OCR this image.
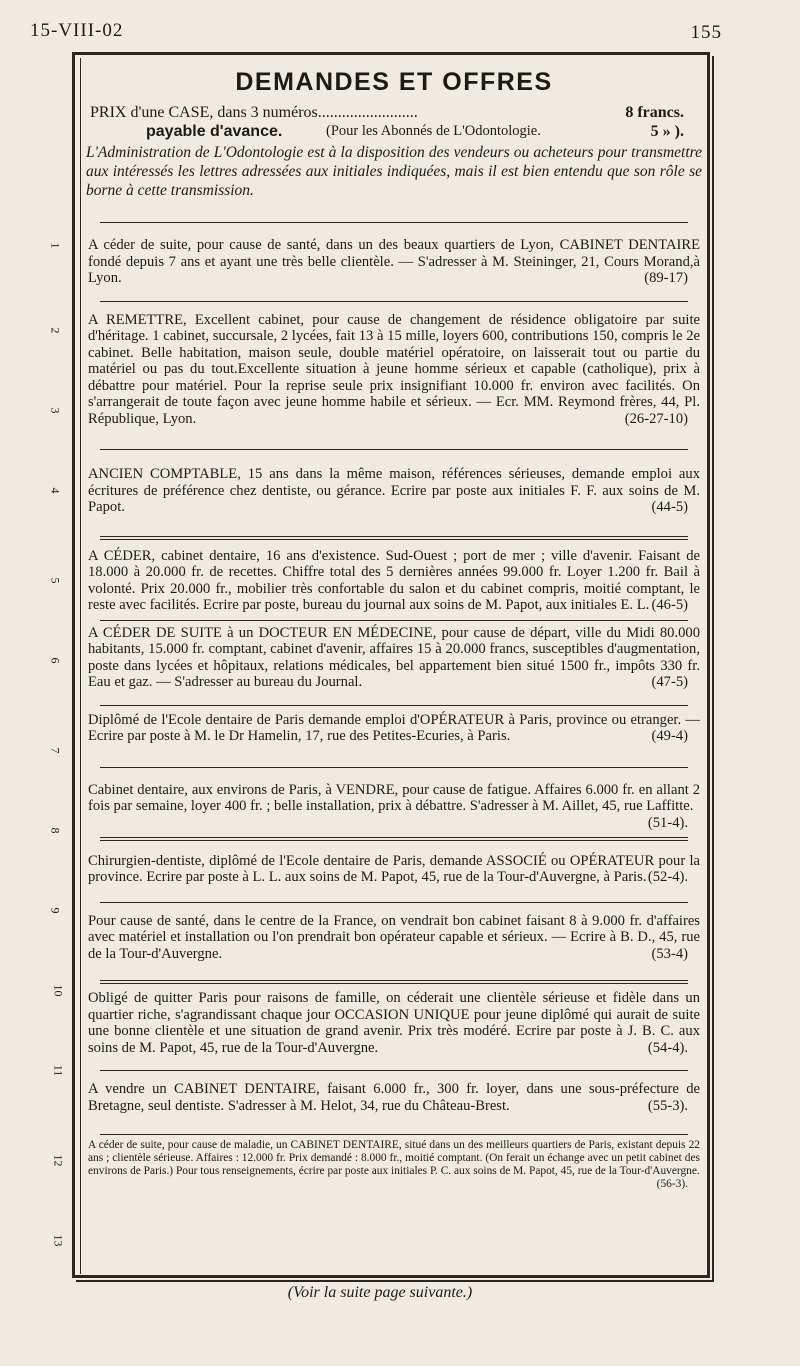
15-VIII-02	155
1
2
3
4
5
6
7
8
9
10
11
12
13
DEMANDES ET OFFRES
PRIX d'une CASE, dans 3 numéros.........................	8 francs.
payable d'avance.	(Pour les Abonnés de L'Odontologie.	5 » ).
L'Administration de L'Odontologie est à la disposition des vendeurs ou acheteurs pour transmettre aux intéressés les lettres adressées aux initiales indiquées, mais il est bien entendu que son rôle se borne à cette transmission.
A céder de suite, pour cause de santé, dans un des beaux quartiers de Lyon, CABINET DENTAIRE fondé depuis 7 ans et ayant une très belle clientèle. — S'adresser à M. Steininger, 21, Cours Morand,à Lyon.	(89-17)
A REMETTRE, Excellent cabinet, pour cause de changement de résidence obligatoire par suite d'héritage. 1 cabinet, succursale, 2 lycées, fait 13 à 15 mille, loyers 600, contributions 150, compris le 2e cabinet. Belle habitation, maison seule, double matériel opératoire, on laisserait tout ou partie du matériel ou pas du tout.Excellente situation à jeune homme sérieux et capable (catholique), prix à débattre pour matériel. Pour la reprise seule prix insignifiant 10.000 fr. environ avec facilités. On s'arrangerait de toute façon avec jeune homme habile et sérieux. — Ecr. MM. Reymond frères, 44, Pl. République, Lyon.	(26-27-10)
ANCIEN COMPTABLE, 15 ans dans la même maison, références sérieuses, demande emploi aux écritures de préférence chez dentiste, ou gérance. Ecrire par poste aux initiales F. F. aux soins de M. Papot.	(44-5)
A CÉDER, cabinet dentaire, 16 ans d'existence. Sud-Ouest ; port de mer ; ville d'avenir. Faisant de 18.000 à 20.000 fr. de recettes. Chiffre total des 5 dernières années 99.000 fr. Loyer 1.200 fr. Bail à volonté. Prix 20.000 fr., mobilier très confortable du salon et du cabinet compris, moitié comptant, le reste avec facilités. Ecrire par poste, bureau du journal aux soins de M. Papot, aux initiales E. L. (46-5)
A CÉDER DE SUITE à un DOCTEUR EN MÉDECINE, pour cause de départ, ville du Midi 80.000 habitants, 15.000 fr. comptant, cabinet d'avenir, affaires 15 à 20.000 francs, susceptibles d'augmentation, poste dans lycées et hôpitaux, relations médicales, bel appartement bien situé 1500 fr., impôts 330 fr. Eau et gaz. — S'adresser au bureau du Journal.	(47-5)
Diplômé de l'Ecole dentaire de Paris demande emploi d'OPÉRATEUR à Paris, province ou etranger. — Ecrire par poste à M. le Dr Hamelin, 17, rue des Petites-Ecuries, à Paris.	(49-4)
Cabinet dentaire, aux environs de Paris, à VENDRE, pour cause de fatigue. Affaires 6.000 fr. en allant 2 fois par semaine, loyer 400 fr. ; belle installation, prix à débattre. S'adresser à M. Aillet, 45, rue Laffitte.
(51-4).
Chirurgien-dentiste, diplômé de l'Ecole dentaire de Paris, demande ASSOCIÉ ou OPÉRATEUR pour la province. Ecrire par poste à L. L. aux soins de M. Papot, 45, rue de la Tour-d'Auvergne, à Paris. (52-4).
Pour cause de santé, dans le centre de la France, on vendrait bon cabinet faisant 8 à 9.000 fr. d'affaires avec matériel et installation ou l'on prendrait bon opérateur capable et sérieux. — Ecrire à B. D., 45, rue de la Tour-d'Auvergne.	(53-4)
Obligé de quitter Paris pour raisons de famille, on céderait une clientèle sérieuse et fidèle dans un quartier riche, s'agrandissant chaque jour OCCASION UNIQUE pour jeune diplômé qui aurait de suite une bonne clientèle et une situation de grand avenir. Prix très modéré. Ecrire par poste à J. B. C. aux soins de M. Papot, 45, rue de la Tour-d'Auvergne.	(54-4).
A vendre un CABINET DENTAIRE, faisant 6.000 fr., 300 fr. loyer, dans une sous-préfecture de Bretagne, seul dentiste. S'adresser à M. Helot, 34, rue du Château-Brest.	(55-3).
A céder de suite, pour cause de maladie, un CABINET DENTAIRE, situé dans un des meilleurs quartiers de Paris, existant depuis 22 ans ; clientèle sérieuse. Affaires : 12.000 fr. Prix demandé : 8.000 fr., moitié comptant. (On ferait un échange avec un petit cabinet des environs de Paris.) Pour tous renseignements, écrire par poste aux initiales P. C. aux soins de M. Papot, 45, rue de la Tour-d'Auvergne.
(56-3).
(Voir la suite page suivante.)
